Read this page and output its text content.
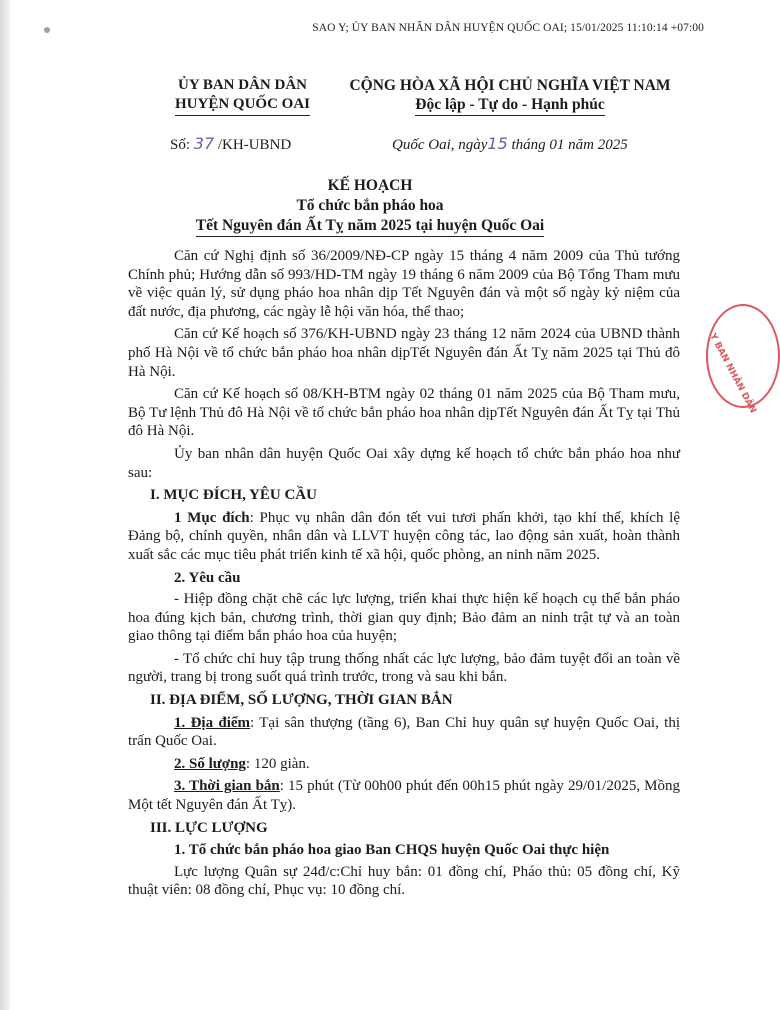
SAO Y; ỦY BAN NHÂN DÂN HUYỆN QUỐC OAI; 15/01/2025 11:10:14 +07:00
ỦY BAN DÂN DÂN
HUYỆN QUỐC OAI
CỘNG HÒA XÃ HỘI CHỦ NGHĨA VIỆT NAM
Độc lập - Tự do - Hạnh phúc
Số: 37 /KH-UBND	Quốc Oai, ngày15 tháng 01 năm 2025
KẾ HOẠCH
Tổ chức bắn pháo hoa
Tết Nguyên đán Ất Tỵ năm 2025 tại huyện Quốc Oai

Căn cứ Nghị định số 36/2009/NĐ-CP ngày 15 tháng 4 năm 2009 của Thủ tướng Chính phủ; Hướng dẫn số 993/HD-TM ngày 19 tháng 6 năm 2009 của Bộ Tổng Tham mưu về việc quản lý, sử dụng pháo hoa nhân dịp Tết Nguyên đán và một số ngày kỷ niệm của đất nước, địa phương, các ngày lễ hội văn hóa, thể thao;

Căn cứ Kế hoạch số 376/KH-UBND ngày 23 tháng 12 năm 2024 của UBND thành phố Hà Nội về tổ chức bắn pháo hoa nhân dịpTết Nguyên đán Ất Tỵ năm 2025 tại Thủ đô Hà Nội.

Căn cứ Kế hoạch số 08/KH-BTM ngày 02 tháng 01 năm 2025 của Bộ Tham mưu, Bộ Tư lệnh Thủ đô Hà Nội về tổ chức bắn pháo hoa nhân dịpTết Nguyên đán Ất Tỵ tại Thủ đô Hà Nội.

Ủy ban nhân dân huyện Quốc Oai xây dựng kế hoạch tổ chức bắn pháo hoa như sau:

I. MỤC ĐÍCH, YÊU CẦU

1 Mục đích: Phục vụ nhân dân đón tết vui tươi phấn khởi, tạo khí thế, khích lệ Đảng bộ, chính quyền, nhân dân và LLVT huyện công tác, lao động sản xuất, hoàn thành xuất sắc các mục tiêu phát triển kinh tế xã hội, quốc phòng, an ninh năm 2025.

2. Yêu cầu

- Hiệp đồng chặt chẽ các lực lượng, triển khai thực hiện kế hoạch cụ thể bắn pháo hoa đúng kịch bản, chương trình, thời gian quy định; Bảo đảm an ninh trật tự và an toàn giao thông tại điểm bắn pháo hoa của huyện;

- Tổ chức chỉ huy tập trung thống nhất các lực lượng, bảo đảm tuyệt đối an toàn về người, trang bị trong suốt quá trình trước, trong và sau khi bắn.

II. ĐỊA ĐIỂM, SỐ LƯỢNG, THỜI GIAN BẮN

1. Địa điểm: Tại sân thượng (tầng 6), Ban Chỉ huy quân sự huyện Quốc Oai, thị trấn Quốc Oai.

2. Số lượng: 120 giàn.

3. Thời gian bắn: 15 phút (Từ 00h00 phút đến 00h15 phút ngày 29/01/2025, Mồng Một tết Nguyên đán Ất Tỵ).

III. LỰC LƯỢNG
1. Tổ chức bắn pháo hoa giao Ban CHQS huyện Quốc Oai thực hiện

Lực lượng Quân sự 24đ/c:Chỉ huy bắn: 01 đồng chí, Pháo thủ: 05 đồng chí, Kỹ thuật viên: 08 đồng chí, Phục vụ: 10 đồng chí.

Y BAN NHÂN DÂN
